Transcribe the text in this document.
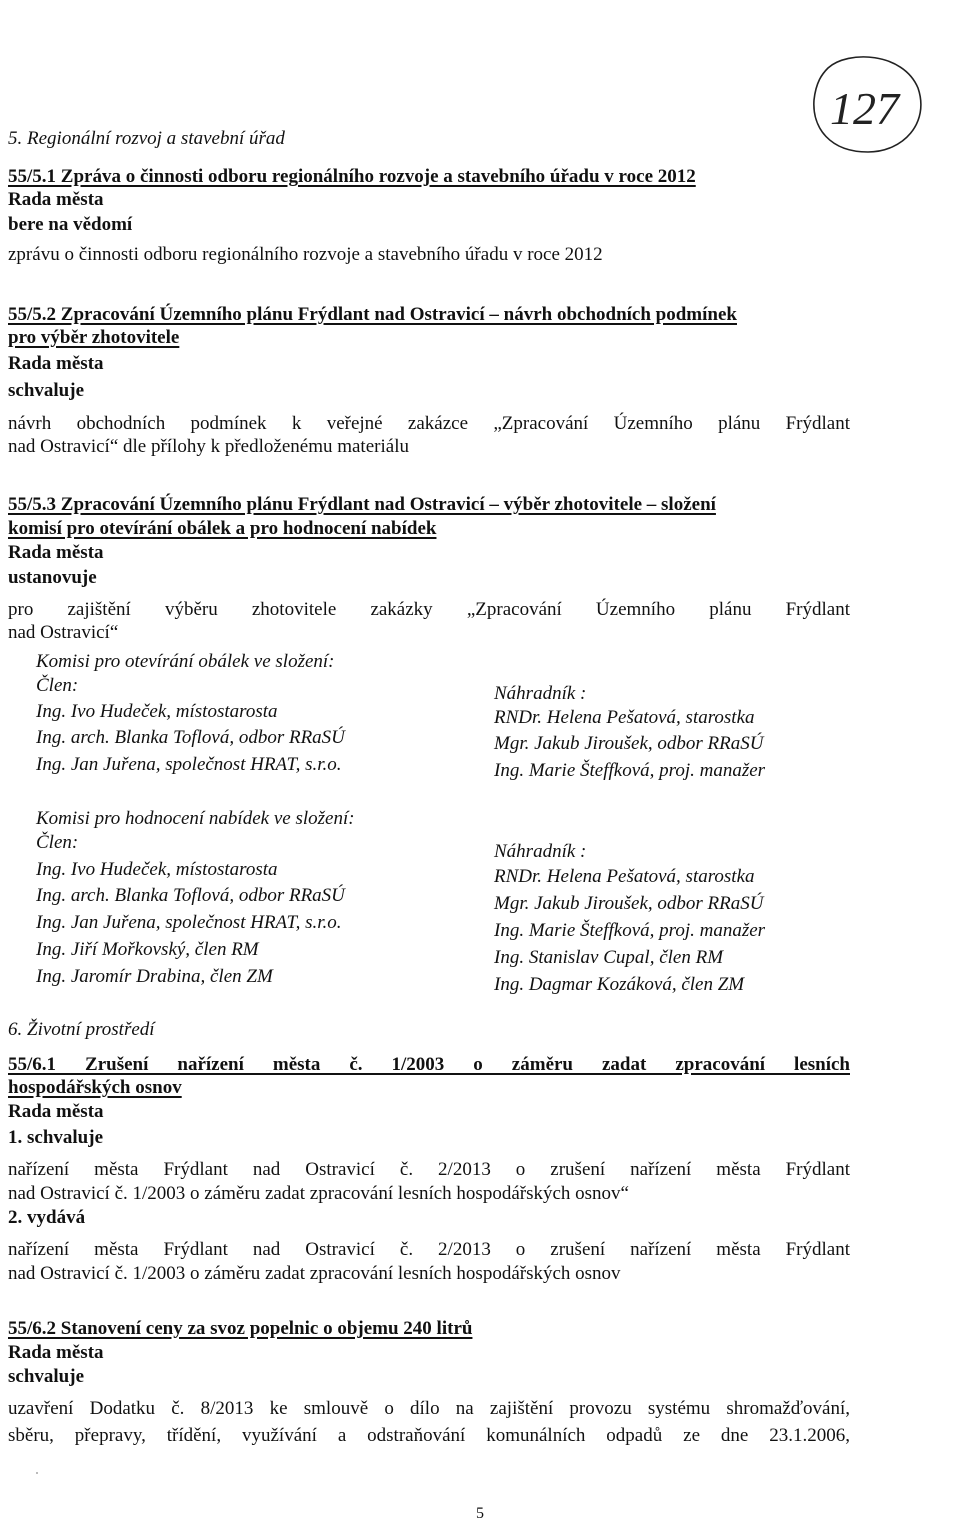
127
5. Regionální rozvoj a stavební úřad
55/5.1 Zpráva o činnosti odboru regionálního rozvoje a stavebního úřadu v roce 2012
Rada města
bere na vědomí
zprávu o činnosti odboru regionálního rozvoje a stavebního úřadu v roce 2012
55/5.2 Zpracování Územního plánu Frýdlant nad Ostravicí – návrh obchodních podmínek
pro výběr zhotovitele
Rada města
schvaluje
návrh obchodních podmínek k veřejné zakázce „Zpracování Územního plánu Frýdlant
nad Ostravicí“ dle přílohy k předloženému materiálu
55/5.3 Zpracování Územního plánu Frýdlant nad Ostravicí – výběr zhotovitele – složení
komisí pro otevírání obálek a pro hodnocení nabídek
Rada města
ustanovuje
pro zajištění výběru zhotovitele zakázky „Zpracování Územního plánu Frýdlant
nad Ostravicí“
Komisi pro otevírání obálek ve složení:
Člen:	Náhradník :
Ing. Ivo Hudeček, místostarosta
Ing. arch. Blanka Toflová, odbor RRaSÚ
Ing. Jan Juřena, společnost HRAT, s.r.o.
RNDr. Helena Pešatová, starostka
Mgr. Jakub Jiroušek, odbor RRaSÚ
Ing. Marie Šteffková, proj. manažer
Komisi pro hodnocení nabídek ve složení:
Člen:	Náhradník :
Ing. Ivo Hudeček, místostarosta
Ing. arch. Blanka Toflová, odbor RRaSÚ
Ing. Jan Juřena, společnost HRAT, s.r.o.
Ing. Jiří Mořkovský, člen RM
Ing. Jaromír Drabina, člen ZM
RNDr. Helena Pešatová, starostka
Mgr. Jakub Jiroušek, odbor RRaSÚ
Ing. Marie Šteffková, proj. manažer
Ing. Stanislav Cupal, člen RM
Ing. Dagmar Kozáková, člen ZM
6. Životní prostředí
55/6.1 Zrušení nařízení města č. 1/2003 o záměru zadat zpracování lesních
hospodářských osnov
Rada města
1. schvaluje
nařízení města Frýdlant nad Ostravicí č. 2/2013 o zrušení nařízení města Frýdlant
nad Ostravicí č. 1/2003 o záměru zadat zpracování lesních hospodářských osnov“
2. vydává
nařízení města Frýdlant nad Ostravicí č. 2/2013 o zrušení nařízení města Frýdlant
nad Ostravicí č. 1/2003 o záměru zadat zpracování lesních hospodářských osnov
55/6.2 Stanovení ceny za svoz popelnic o objemu 240 litrů
Rada města
schvaluje
uzavření Dodatku č. 8/2013 ke smlouvě o dílo na zajištění provozu systému shromažďování,
sběru, přepravy, třídění, využívání a odstraňování komunálních odpadů ze dne 23.1.2006,
5
